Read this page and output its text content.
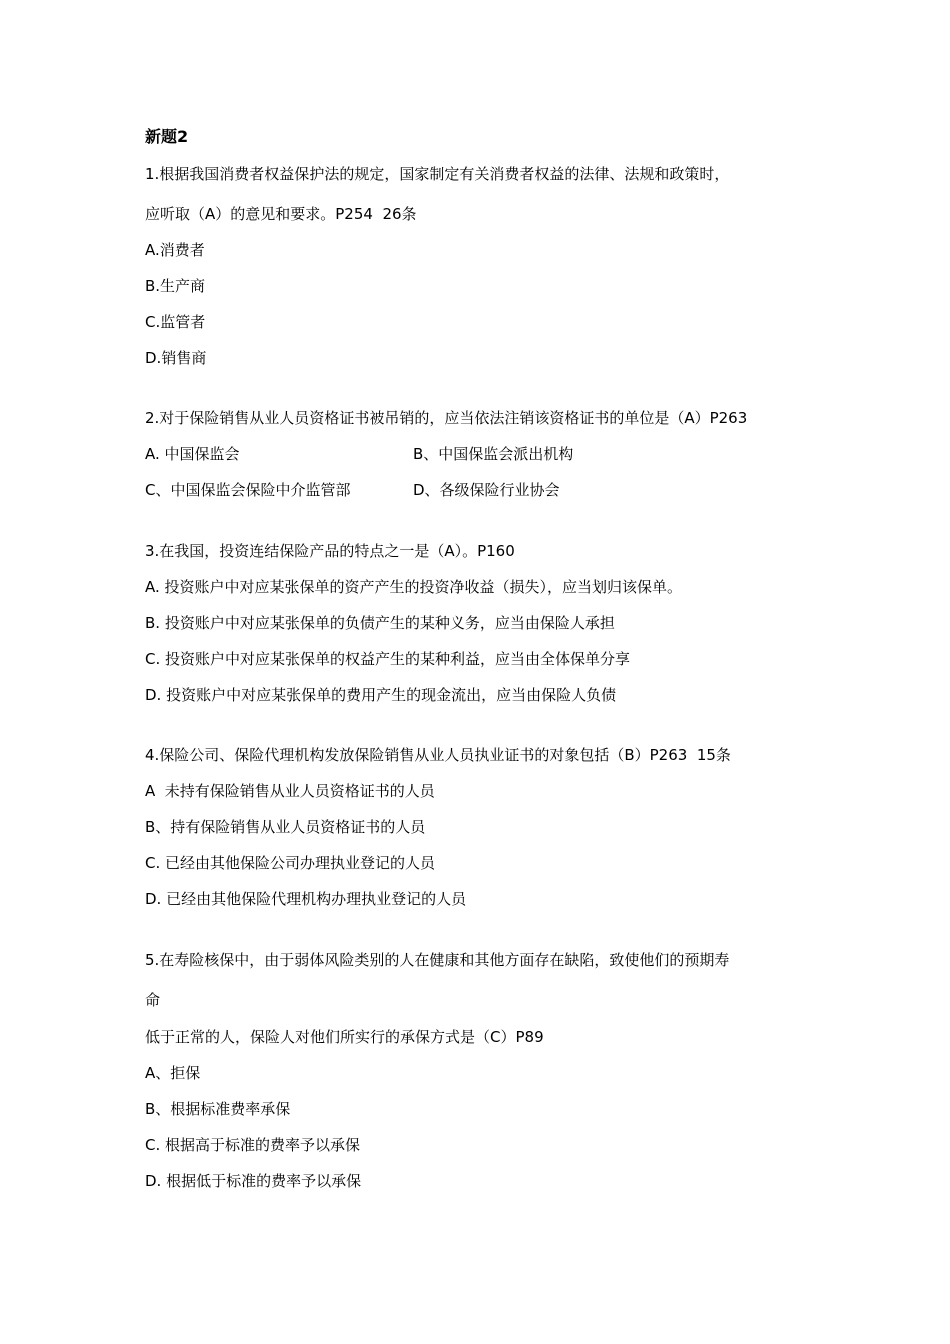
新题2
1.根据我国消费者权益保护法的规定，国家制定有关消费者权益的法律、法规和政策时，
应听取（A）的意见和要求。P254  26条
A.消费者
B.生产商
C.监管者
D.销售商
2.对于保险销售从业人员资格证书被吊销的，应当依法注销该资格证书的单位是（A）P263
A. 中国保监会	B、中国保监会派出机构
C、中国保监会保险中介监管部	D、各级保险行业协会
3.在我国，投资连结保险产品的特点之一是（A）。P160
A. 投资账户中对应某张保单的资产产生的投资净收益（损失），应当划归该保单。
B. 投资账户中对应某张保单的负债产生的某种义务，应当由保险人承担
C. 投资账户中对应某张保单的权益产生的某种利益，应当由全体保单分享
D. 投资账户中对应某张保单的费用产生的现金流出，应当由保险人负债
4.保险公司、保险代理机构发放保险销售从业人员执业证书的对象包括（B）P263  15条
A  未持有保险销售从业人员资格证书的人员
B、持有保险销售从业人员资格证书的人员
C. 已经由其他保险公司办理执业登记的人员
D. 已经由其他保险代理机构办理执业登记的人员
5.在寿险核保中，由于弱体风险类别的人在健康和其他方面存在缺陷，致使他们的预期寿
命
低于正常的人，保险人对他们所实行的承保方式是（C）P89
A、拒保
B、根据标准费率承保
C. 根据高于标准的费率予以承保
D. 根据低于标准的费率予以承保
